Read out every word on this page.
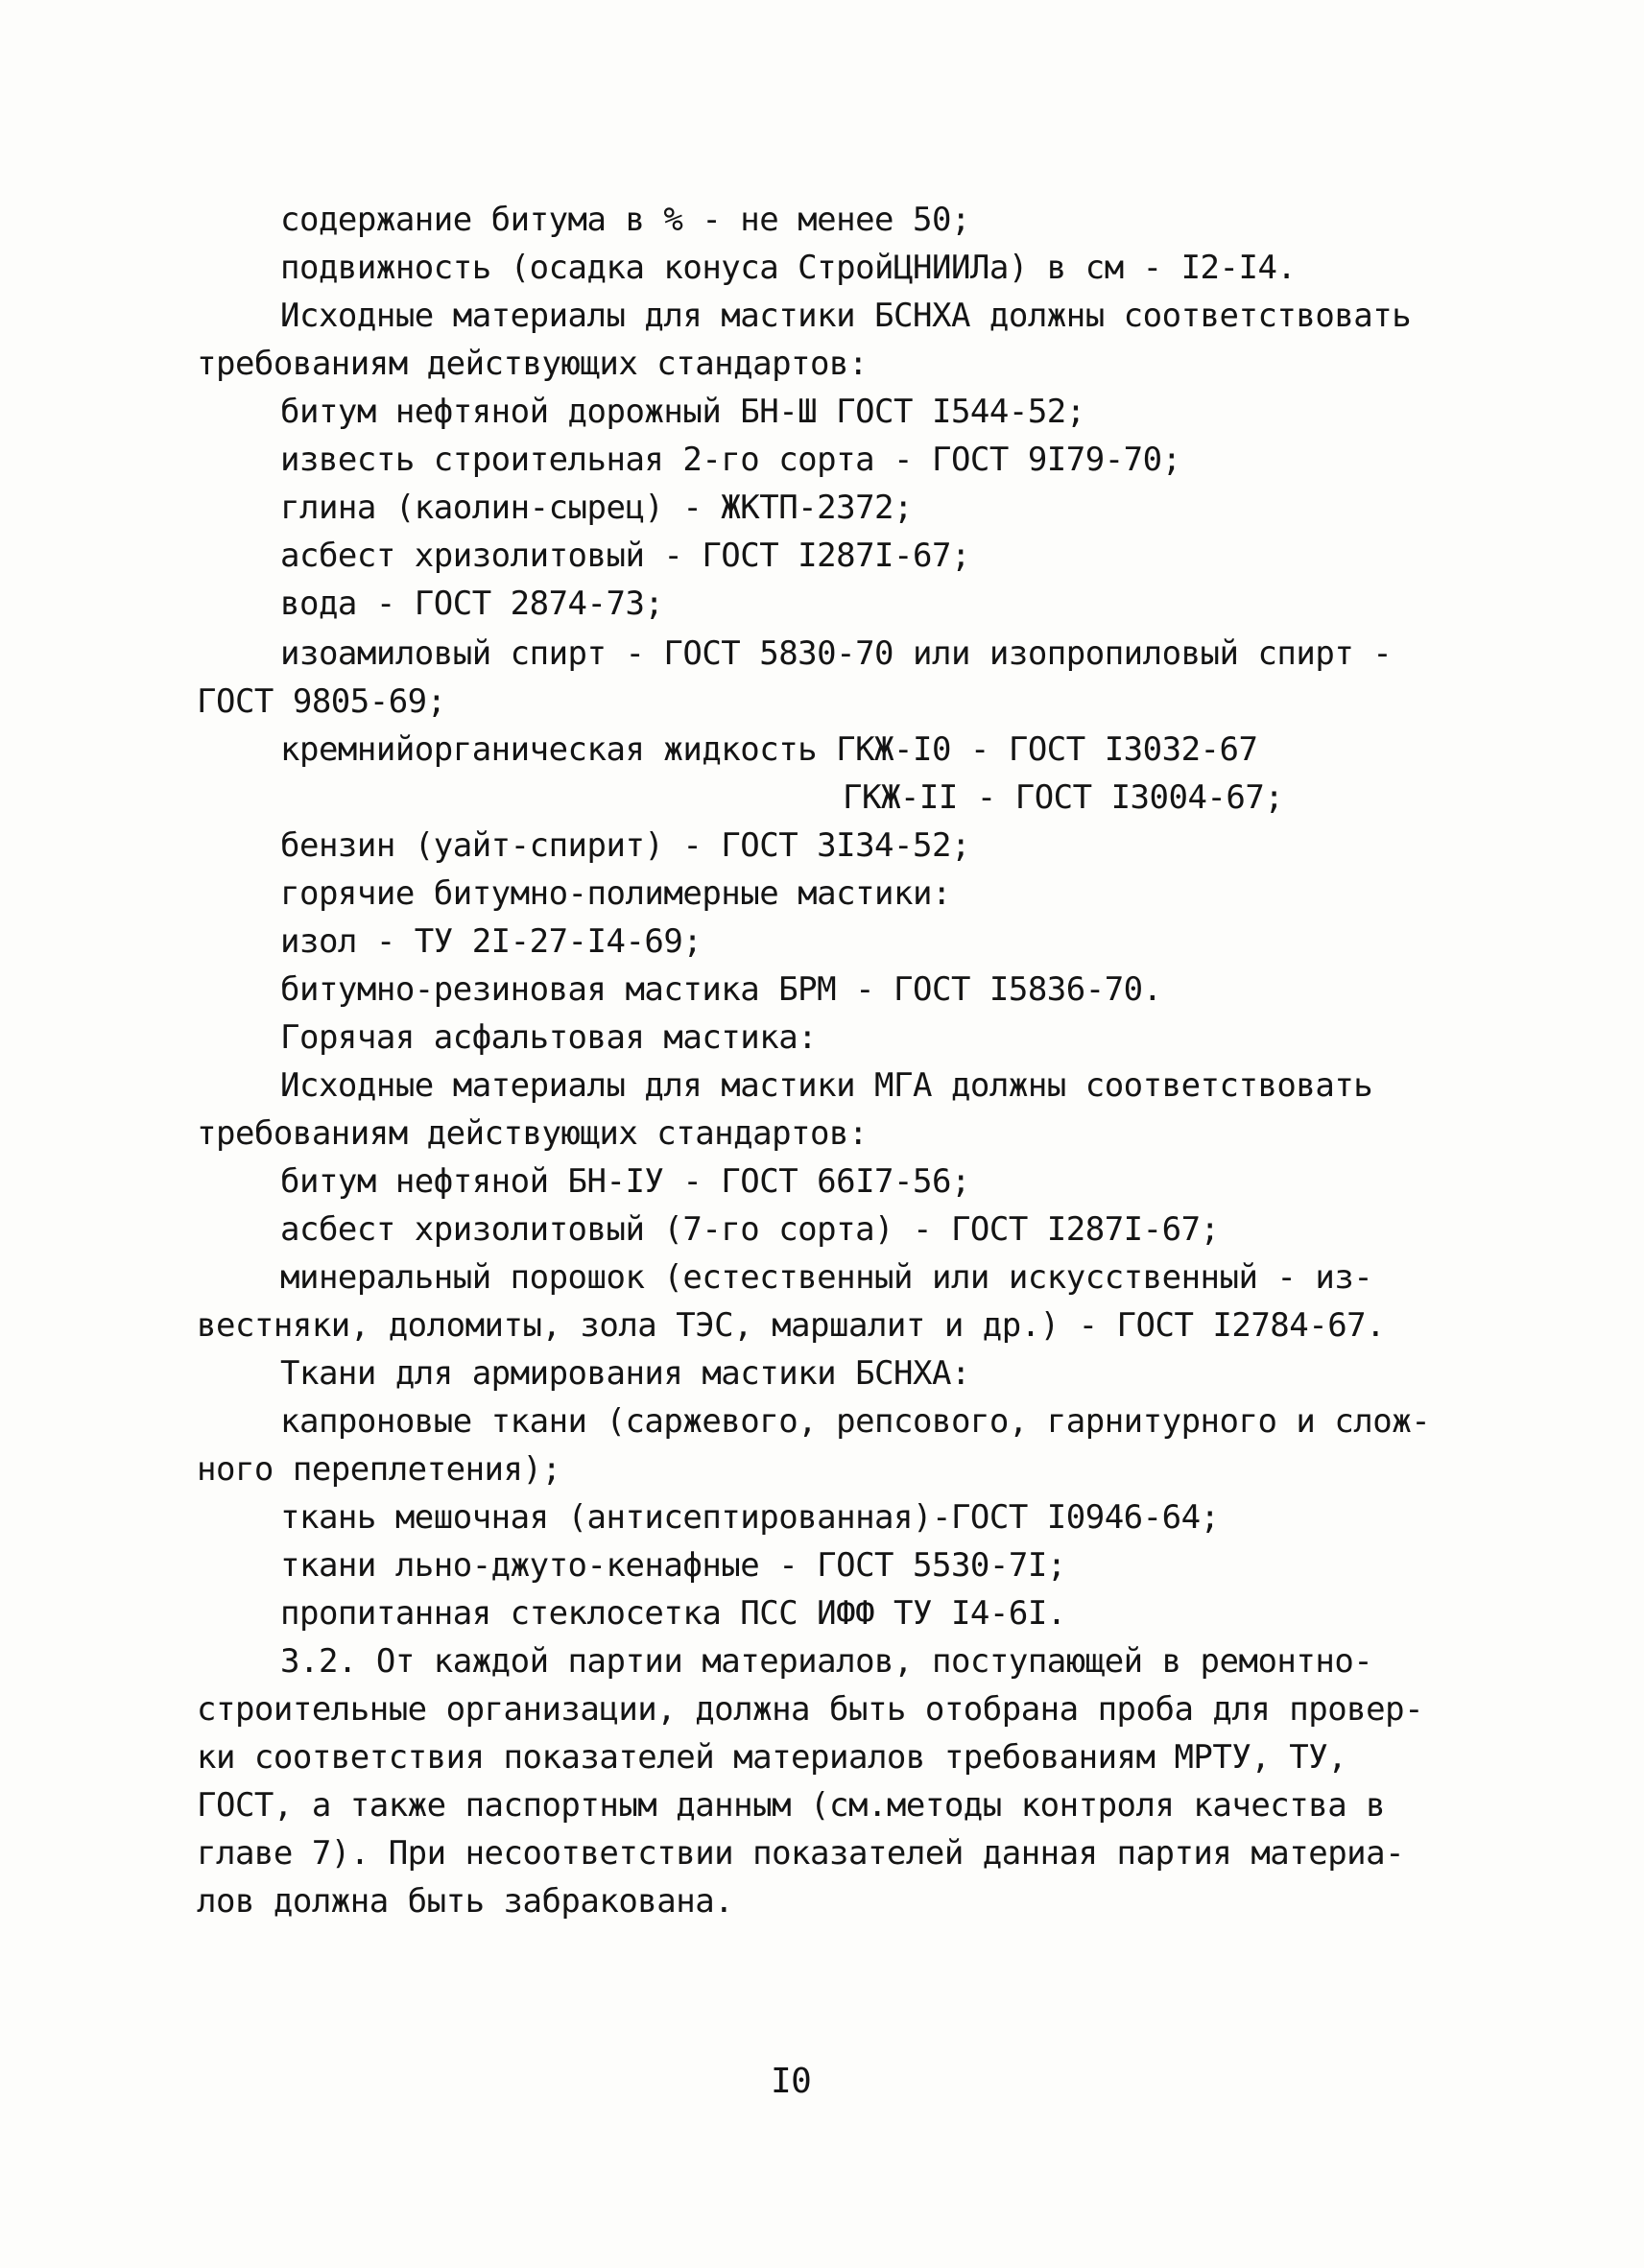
содержание битума в % - не менее 50;
подвижность (осадка конуса СтройЦНИИЛа) в см - I2-I4.
Исходные материалы для мастики БСНХА должны соответствовать
требованиям действующих стандартов:
битум нефтяной дорожный БН-Ш ГОСТ I544-52;
известь строительная 2-го сорта - ГОСТ 9I79-70;
глина (каолин-сырец) - ЖКТП-2372;
асбест хризолитовый - ГОСТ I287I-67;
вода - ГОСТ 2874-73;
изоамиловый спирт - ГОСТ 5830-70 или изопропиловый спирт -
ГОСТ 9805-69;
кремнийорганическая жидкость ГКЖ-I0 - ГОСТ I3032-67
ГКЖ-II - ГОСТ I3004-67;
бензин (уайт-спирит) - ГОСТ 3I34-52;
горячие битумно-полимерные мастики:
изол - ТУ 2I-27-I4-69;
битумно-резиновая мастика БРМ - ГОСТ I5836-70.
Горячая асфальтовая мастика:
Исходные материалы для мастики МГА должны соответствовать
требованиям действующих стандартов:
битум нефтяной БН-IУ - ГОСТ 66I7-56;
асбест хризолитовый (7-го сорта) - ГОСТ I287I-67;
минеральный порошок (естественный или искусственный - из-
вестняки, доломиты, зола ТЭС, маршалит и др.) - ГОСТ I2784-67.
Ткани для армирования мастики БСНХА:
капроновые ткани (саржевого, репсового, гарнитурного и слож-
ного переплетения);
ткань мешочная (антисептированная)-ГОСТ I0946-64;
ткани льно-джуто-кенафные - ГОСТ 5530-7I;
пропитанная стеклосетка ПСС ИФФ ТУ I4-6I.
3.2. От каждой партии материалов, поступающей в ремонтно-
строительные организации, должна быть отобрана проба для провер-
ки соответствия показателей материалов требованиям МРТУ, ТУ,
ГОСТ, а также паспортным данным (см.методы контроля качества в
главе 7). При несоответствии показателей данная партия материа-
лов должна быть забракована.
I0
